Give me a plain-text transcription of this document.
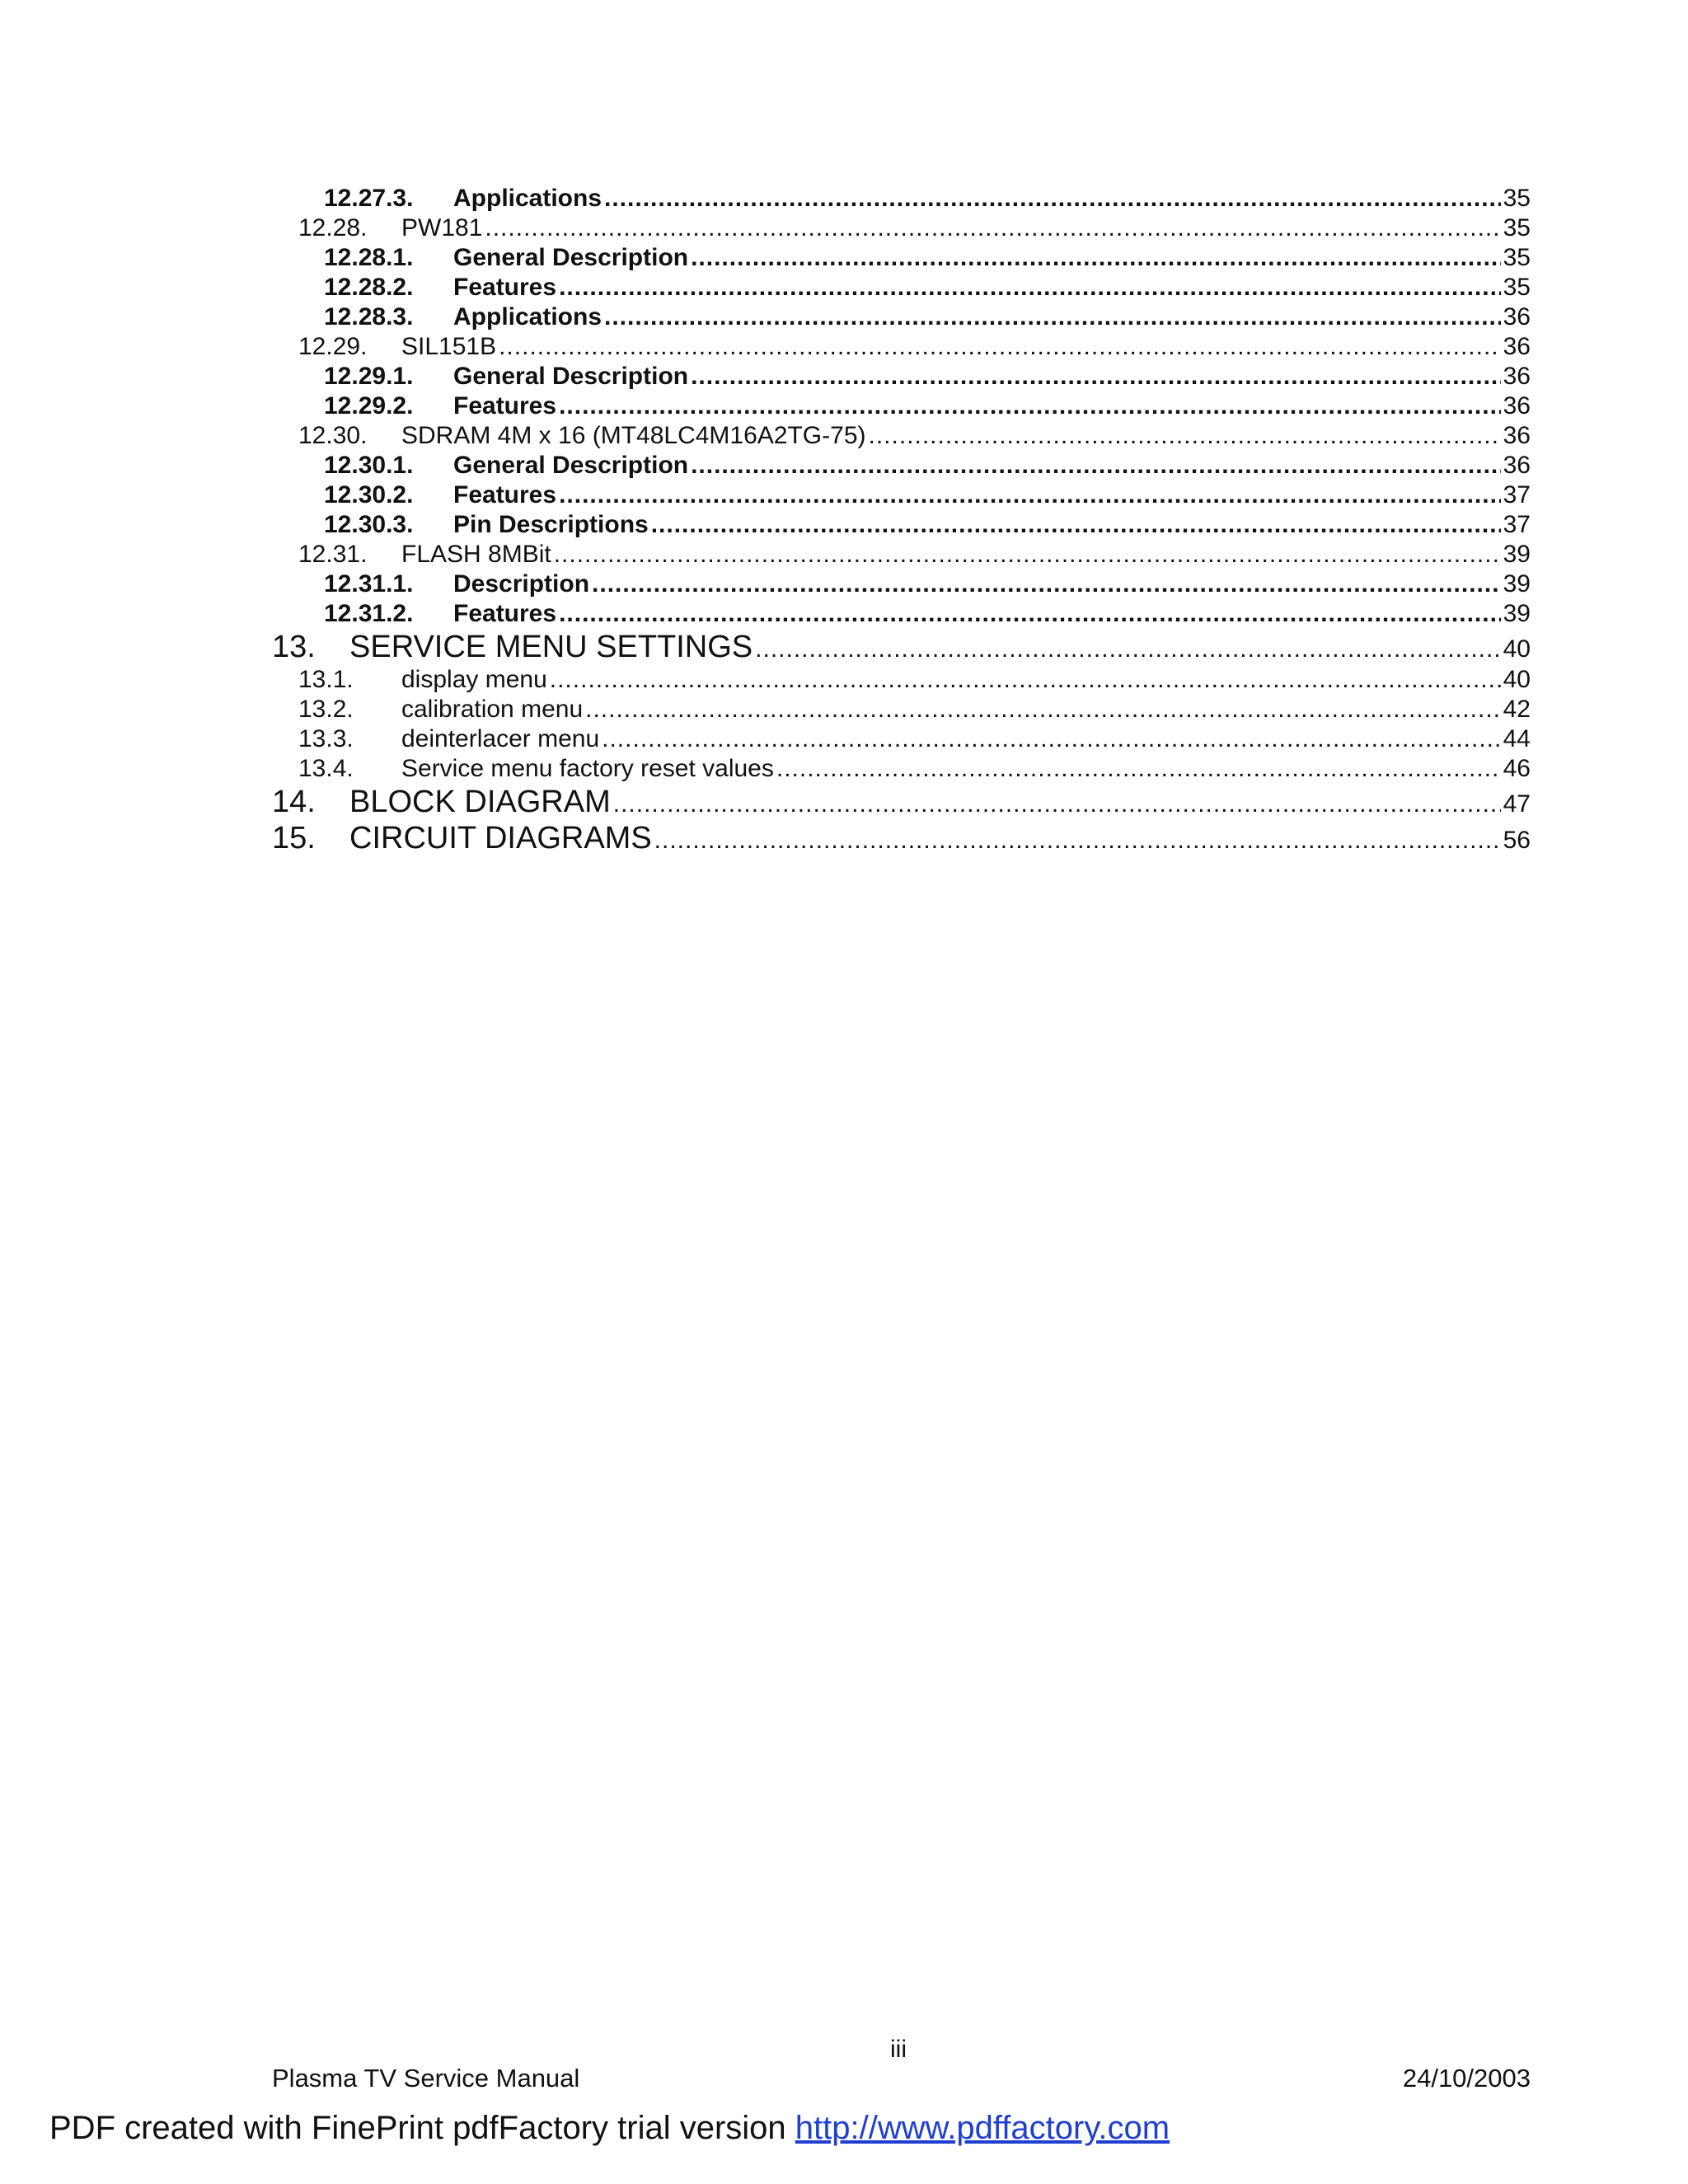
12.27.3. Applications .....	35
12.28. PW181 .....	35
12.28.1. General Description .....	35
12.28.2. Features .....	35
12.28.3. Applications .....	36
12.29. SIL151B .....	36
12.29.1. General Description .....	36
12.29.2. Features .....	36
12.30. SDRAM 4M x 16 (MT48LC4M16A2TG-75) .....	36
12.30.1. General Description .....	36
12.30.2. Features .....	37
12.30.3. Pin Descriptions .....	37
12.31. FLASH 8MBit .....	39
12.31.1. Description .....	39
12.31.2. Features .....	39
13. SERVICE MENU SETTINGS .....	40
13.1. display menu .....	40
13.2. calibration menu .....	42
13.3. deinterlacer menu .....	44
13.4. Service menu factory reset values .....	46
14. BLOCK DIAGRAM .....	47
15. CIRCUIT DIAGRAMS .....	56
iii
Plasma TV Service Manual	24/10/2003
PDF created with FinePrint pdfFactory trial version http://www.pdffactory.com
